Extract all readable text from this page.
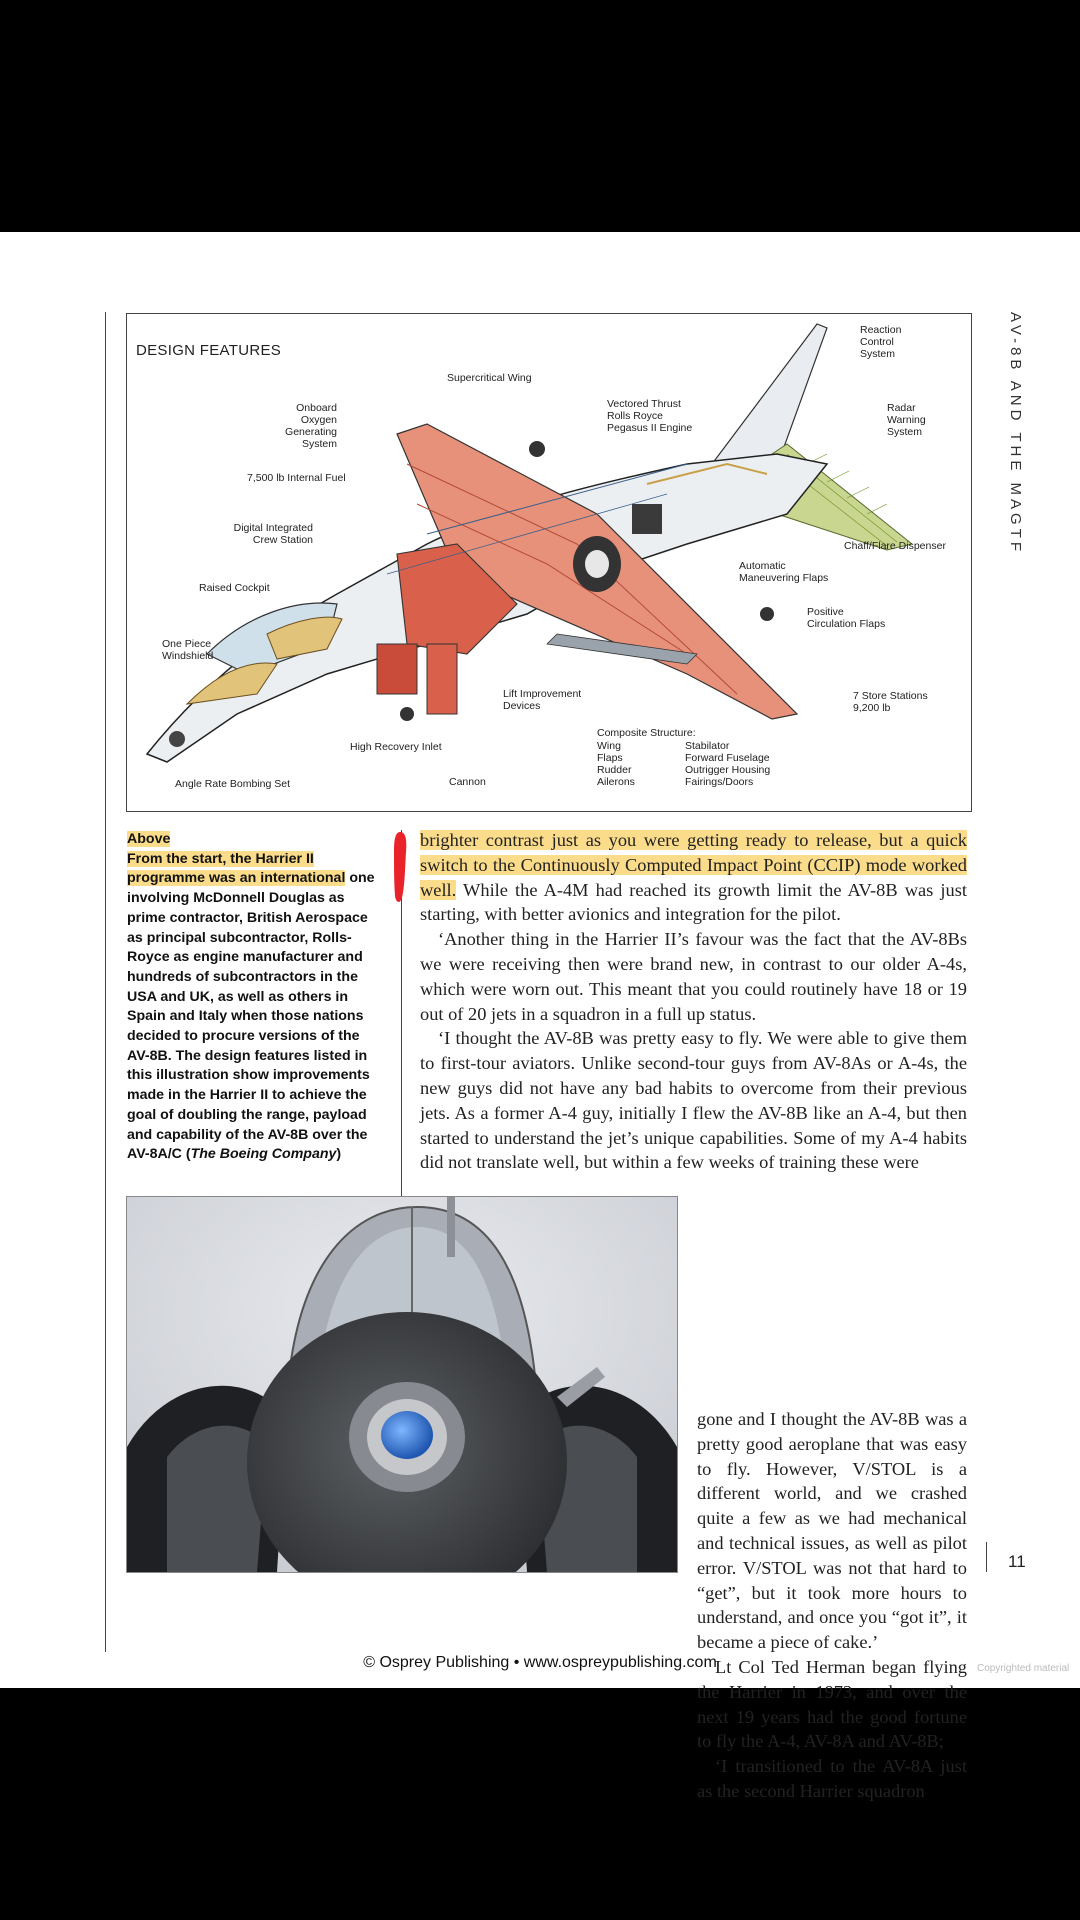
AV-8B AND THE MAGTF
DESIGN FEATURES
Supercritical Wing
Onboard
Oxygen Generating
System
Vectored Thrust
Rolls Royce
Pegasus II Engine
Reaction
Control
System
Radar
Warning
System
7,500 lb Internal Fuel
Digital Integrated
Crew Station	Chaff/Flare Dispenser
Automatic
Maneuvering Flaps
Raised Cockpit
Positive
Circulation Flaps
One Piece
Windshield
Lift Improvement
Devices
7 Store Stations
9,200 lb
Composite Structure:
Wing
Flaps
Rudder
Ailerons
Stabilator
Forward Fuselage
Outrigger Housing
Fairings/Doors
High Recovery Inlet
Cannon
Angle Rate Bombing Set
Above
From the start, the Harrier II programme was an international one involving McDonnell Douglas as prime contractor, British Aerospace as principal subcontractor, Rolls-Royce as engine manufacturer and hundreds of subcontractors in the USA and UK, as well as others in Spain and Italy when those nations decided to procure versions of the AV-8B. The design features listed in this illustration show improvements made in the Harrier II to achieve the goal of doubling the range, payload and capability of the AV-8B over the AV-8A/C (The Boeing Company)

brighter contrast just as you were getting ready to release, but a quick switch to the Continuously Computed Impact Point (CCIP) mode worked well. While the A-4M had reached its growth limit the AV-8B was just starting, with better avionics and integration for the pilot.

‘Another thing in the Harrier II’s favour was the fact that the AV-8Bs we were receiving then were brand new, in contrast to our older A-4s, which were worn out. This meant that you could routinely have 18 or 19 out of 20 jets in a squadron in a full up status.

‘I thought the AV-8B was pretty easy to fly. We were able to give them to first-tour aviators. Unlike second-tour guys from AV-8As or A-4s, the new guys did not have any bad habits to overcome from their previous jets. As a former A-4 guy, initially I flew the AV-8B like an A-4, but then started to understand the jet’s unique capabilities. Some of my A-4 habits did not translate well, but within a few weeks of training these were

gone and I thought the AV-8B was a pretty good aeroplane that was easy to fly. However, V/STOL is a different world, and we crashed quite a few as we had mechanical and technical issues, as well as pilot error. V/STOL was not that hard to “get”, but it took more hours to understand, and once you “got it”, it became a piece of cake.’

Lt Col Ted Herman began flying the Harrier in 1973, and over the next 19 years had the good fortune to fly the A-4, AV-8A and AV-8B;

‘I transitioned to the AV-8A just as the second Harrier squadron

11
© Osprey Publishing • www.ospreypublishing.com	Copyrighted material
